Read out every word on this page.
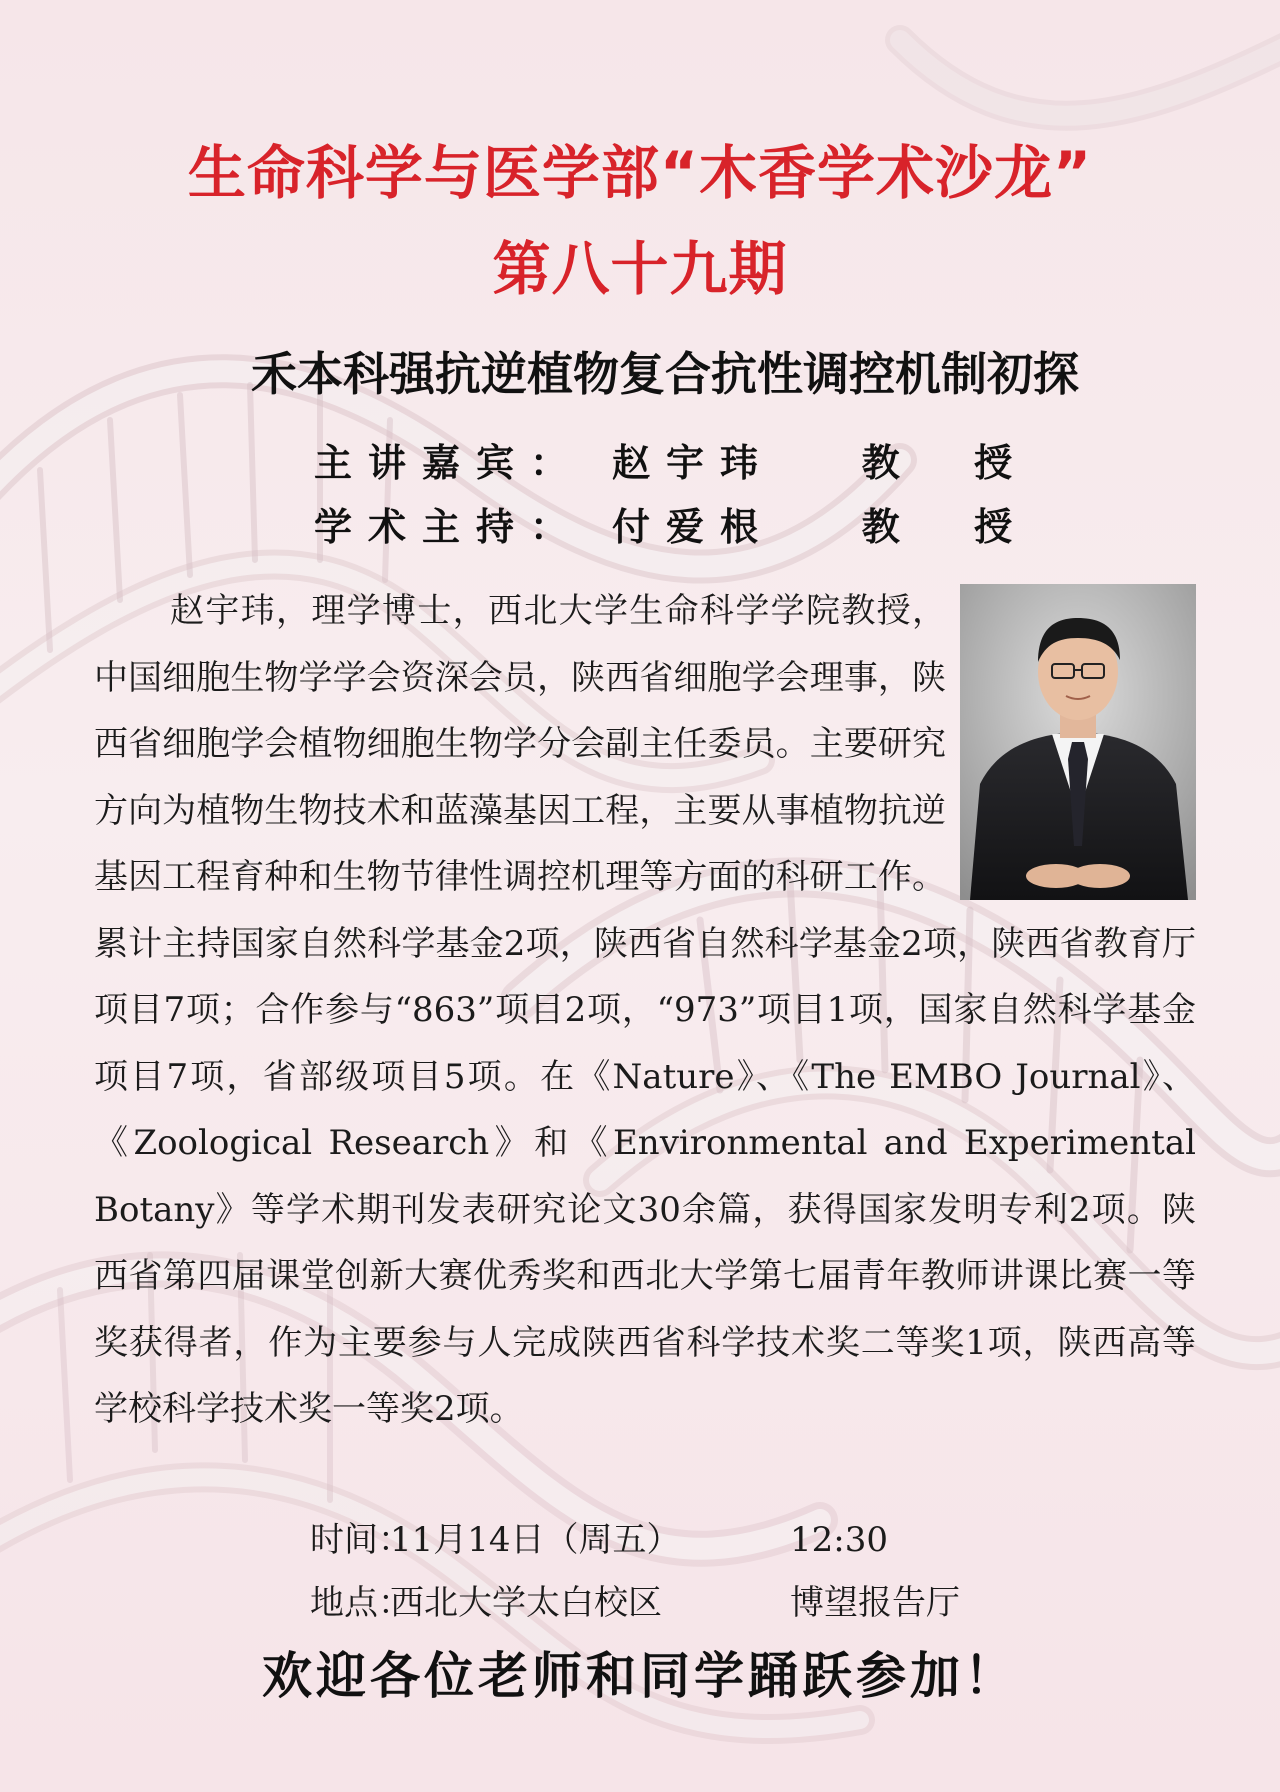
生命科学与医学部“木香学术沙龙”
第八十九期
禾本科强抗逆植物复合抗性调控机制初探
主讲嘉宾： 赵宇玮   教  授
学术主持： 付爱根   教  授
赵宇玮，理学博士，西北大学生命科学学院教授，中国细胞生物学学会资深会员，陕西省细胞学会理事，陕西省细胞学会植物细胞生物学分会副主任委员。主要研究方向为植物生物技术和蓝藻基因工程，主要从事植物抗逆基因工程育种和生物节律性调控机理等方面的科研工作。累计主持国家自然科学基金2项，陕西省自然科学基金2项，陕西省教育厅项目7项；合作参与“863”项目2项，“973”项目1项，国家自然科学基金项目7项，省部级项目5项。在《Nature》、《The EMBO Journal》、《Zoological Research》和《Environmental and Experimental Botany》等学术期刊发表研究论文30余篇，获得国家发明专利2项。陕西省第四届课堂创新大赛优秀奖和西北大学第七届青年教师讲课比赛一等奖获得者，作为主要参与人完成陕西省科学技术奖二等奖1项，陕西高等学校科学技术奖一等奖2项。
时间：11月14日（周五）	12:30
地点：西北大学太白校区	博望报告厅
欢迎各位老师和同学踊跃参加！
